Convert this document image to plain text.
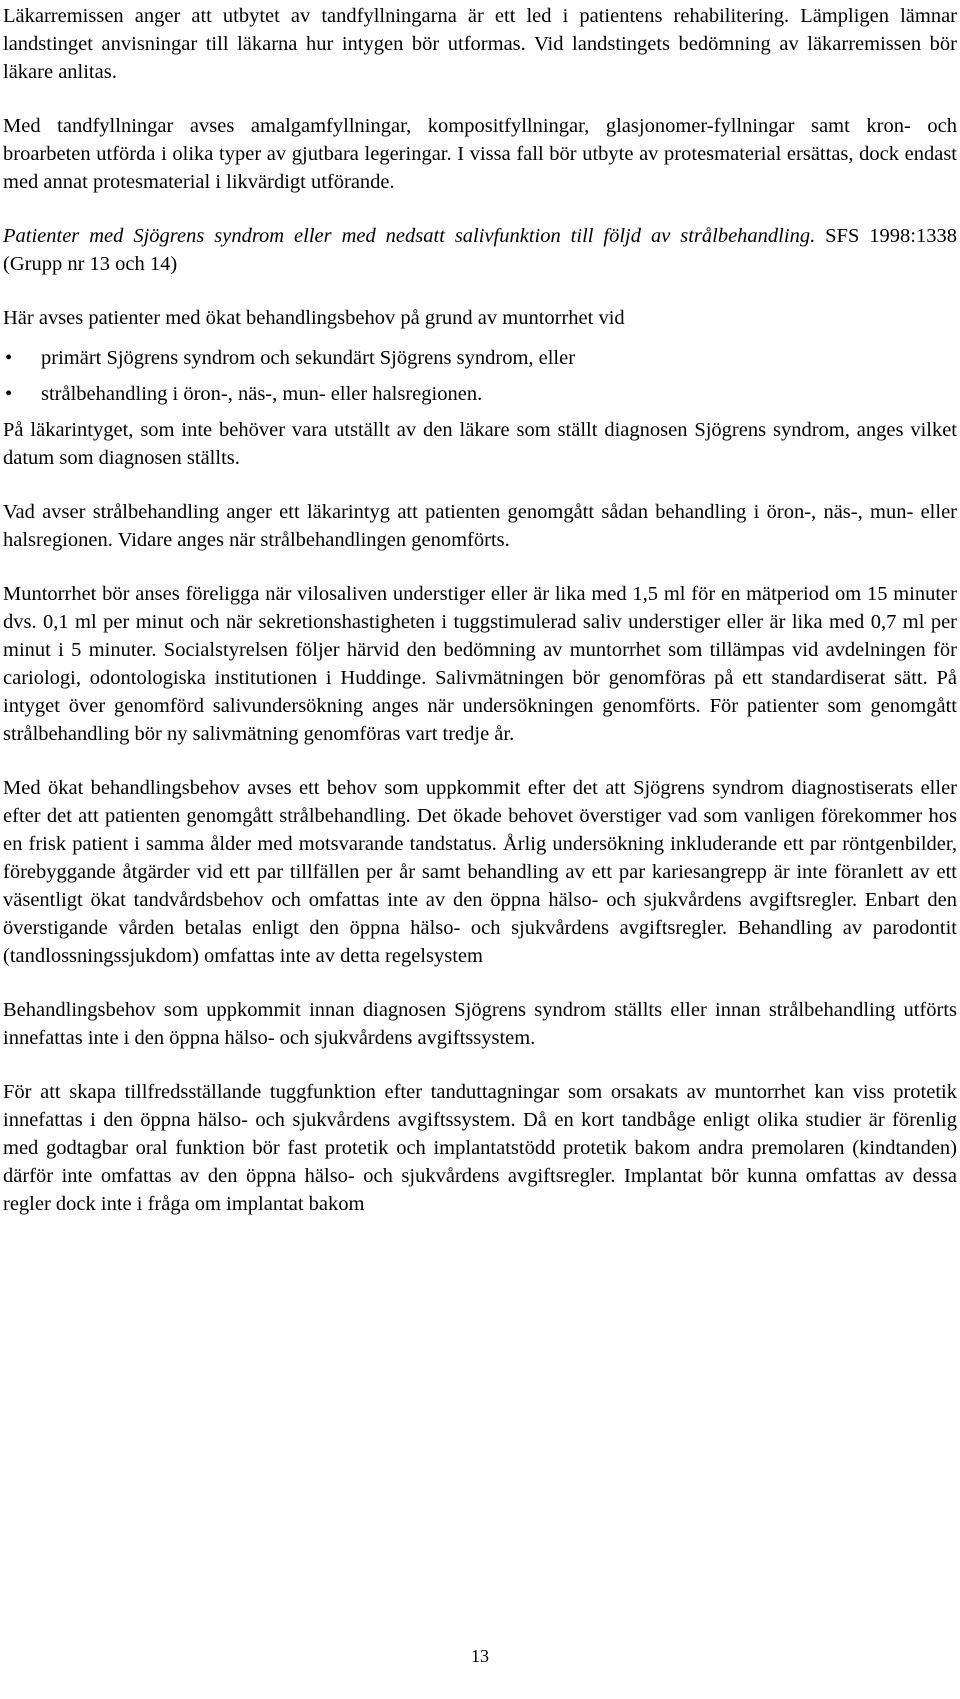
Läkarremissen anger att utbytet av tandfyllningarna är ett led i patientens rehabilitering. Lämpligen lämnar landstinget anvisningar till läkarna hur intygen bör utformas. Vid landstingets bedömning av läkarremissen bör läkare anlitas.

Med tandfyllningar avses amalgamfyllningar, kompositfyllningar, glasjonomer-fyllningar samt kron- och broarbeten utförda i olika typer av gjutbara legeringar. I vissa fall bör utbyte av protesmaterial ersättas, dock endast med annat protesmaterial i likvärdigt utförande.

Patienter med Sjögrens syndrom eller med nedsatt salivfunktion till följd av strålbehandling. SFS 1998:1338 (Grupp nr 13 och 14)

Här avses patienter med ökat behandlingsbehov på grund av muntorrhet vid

• primärt Sjögrens syndrom och sekundärt Sjögrens syndrom, eller
• strålbehandling i öron-, näs-, mun- eller halsregionen.

På läkarintyget, som inte behöver vara utställt av den läkare som ställt diagnosen Sjögrens syndrom, anges vilket datum som diagnosen ställts.

Vad avser strålbehandling anger ett läkarintyg att patienten genomgått sådan behandling i öron-, näs-, mun- eller halsregionen. Vidare anges när strålbehandlingen genomförts.

Muntorrhet bör anses föreligga när vilosaliven understiger eller är lika med 1,5 ml för en mätperiod om 15 minuter dvs. 0,1 ml per minut och när sekretionshastigheten i tuggstimulerad saliv understiger eller är lika med 0,7 ml per minut i 5 minuter. Socialstyrelsen följer härvid den bedömning av muntorrhet som tillämpas vid avdelningen för cariologi, odontologiska institutionen i Huddinge. Salivmätningen bör genomföras på ett standardiserat sätt. På intyget över genomförd salivundersökning anges när undersökningen genomförts. För patienter som genomgått strålbehandling bör ny salivmätning genomföras vart tredje år.

Med ökat behandlingsbehov avses ett behov som uppkommit efter det att Sjögrens syndrom diagnostiserats eller efter det att patienten genomgått strålbehandling. Det ökade behovet överstiger vad som vanligen förekommer hos en frisk patient i samma ålder med motsvarande tandstatus. Årlig undersökning inkluderande ett par röntgenbilder, förebyggande åtgärder vid ett par tillfällen per år samt behandling av ett par kariesangrepp är inte föranlett av ett väsentligt ökat tandvårdsbehov och omfattas inte av den öppna hälso- och sjukvårdens avgiftsregler. Enbart den överstigande vården betalas enligt den öppna hälso- och sjukvårdens avgiftsregler. Behandling av parodontit (tandlossningssjukdom) omfattas inte av detta regelsystem

Behandlingsbehov som uppkommit innan diagnosen Sjögrens syndrom ställts eller innan strålbehandling utförts innefattas inte i den öppna hälso- och sjukvårdens avgiftssystem.

För att skapa tillfredsställande tuggfunktion efter tanduttagningar som orsakats av muntorrhet kan viss protetik innefattas i den öppna hälso- och sjukvårdens avgiftssystem. Då en kort tandbåge enligt olika studier är förenlig med godtagbar oral funktion bör fast protetik och implantatstödd protetik bakom andra premolaren (kindtanden) därför inte omfattas av den öppna hälso- och sjukvårdens avgiftsregler. Implantat bör kunna omfattas av dessa regler dock inte i fråga om implantat bakom

13
